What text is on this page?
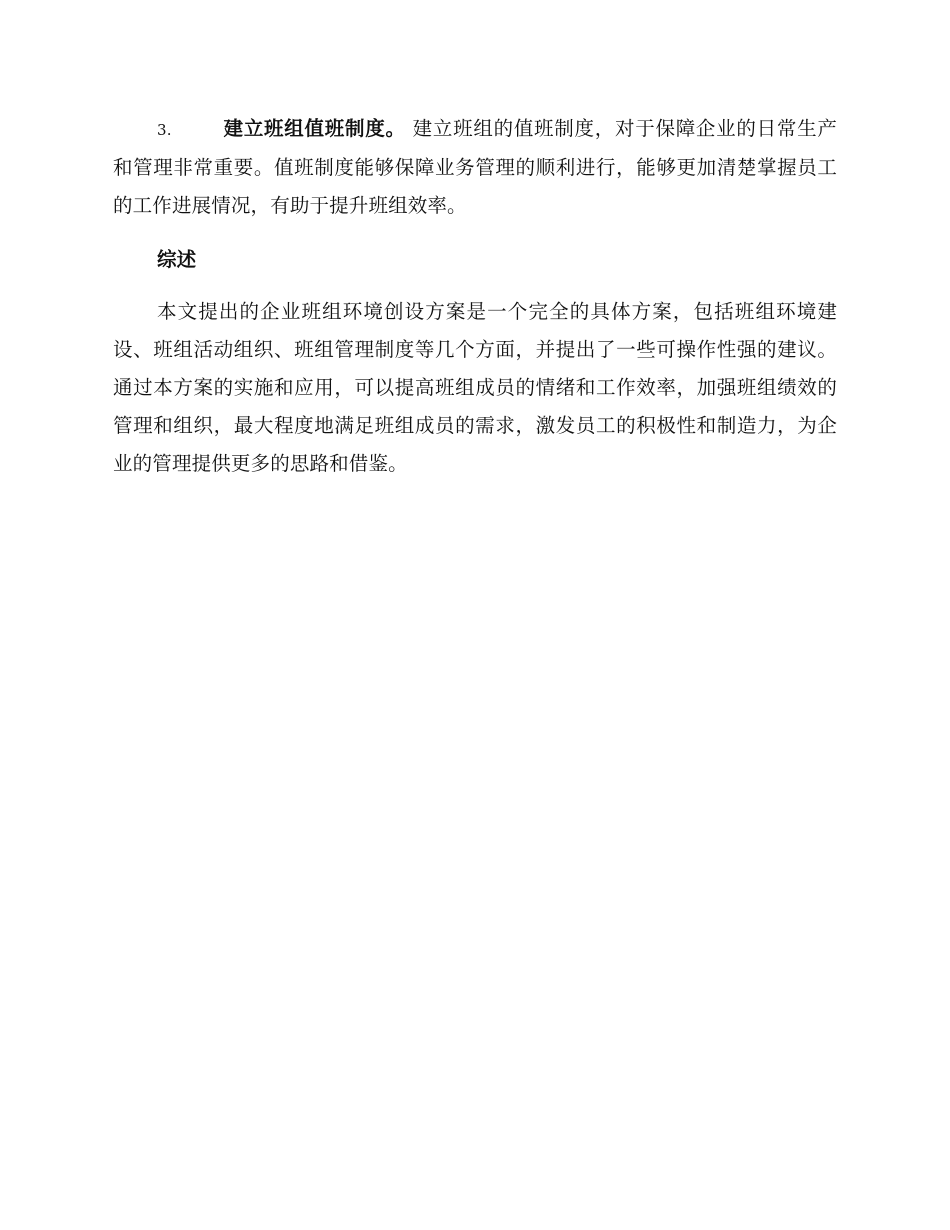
3.	建立班组值班制度。 建立班组的值班制度，对于保障企业的日常生产和管理非常重要。值班制度能够保障业务管理的顺利进行，能够更加清楚掌握员工的工作进展情况，有助于提升班组效率。

综述

本文提出的企业班组环境创设方案是一个完全的具体方案，包括班组环境建设、班组活动组织、班组管理制度等几个方面，并提出了一些可操作性强的建议。通过本方案的实施和应用，可以提高班组成员的情绪和工作效率，加强班组绩效的管理和组织，最大程度地满足班组成员的需求，激发员工的积极性和制造力，为企业的管理提供更多的思路和借鉴。
